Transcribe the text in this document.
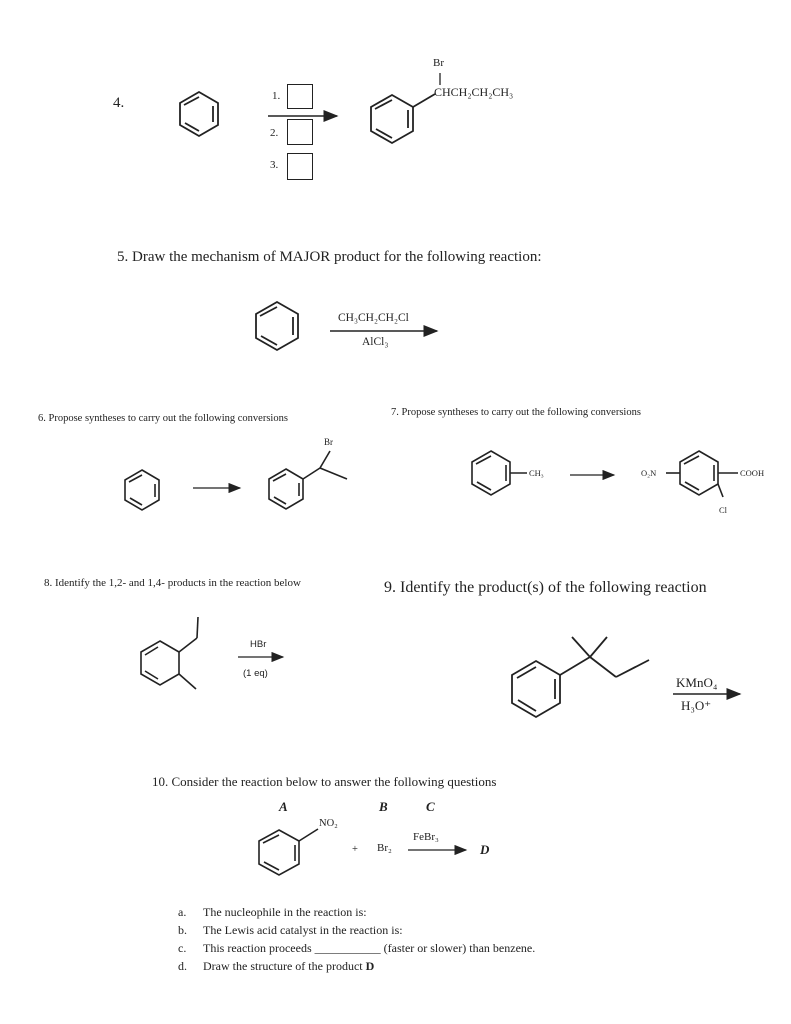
4.	1.
2.
3.
Br
CHCH₂CH₂CH₃
5. Draw the mechanism of MAJOR product for the following reaction:
CH₃CH₂CH₂Cl
AlCl₃
6. Propose syntheses to carry out the following conversions
Br
7. Propose syntheses to carry out the following conversions
CH₃	O₂N	COOH
Cl
8. Identify the 1,2- and 1,4- products in the reaction below
HBr
(1 eq)
9. Identify the product(s) of the following reaction
KMnO₄
H₃O⁺
10. Consider the reaction below to answer the following questions
A	B	C
NO₂
+ Br₂
FeBr₃
D
a. The nucleophile in the reaction is:
b. The Lewis acid catalyst in the reaction is:
c. This reaction proceeds ___________ (faster or slower) than benzene.
d. Draw the structure of the product D
